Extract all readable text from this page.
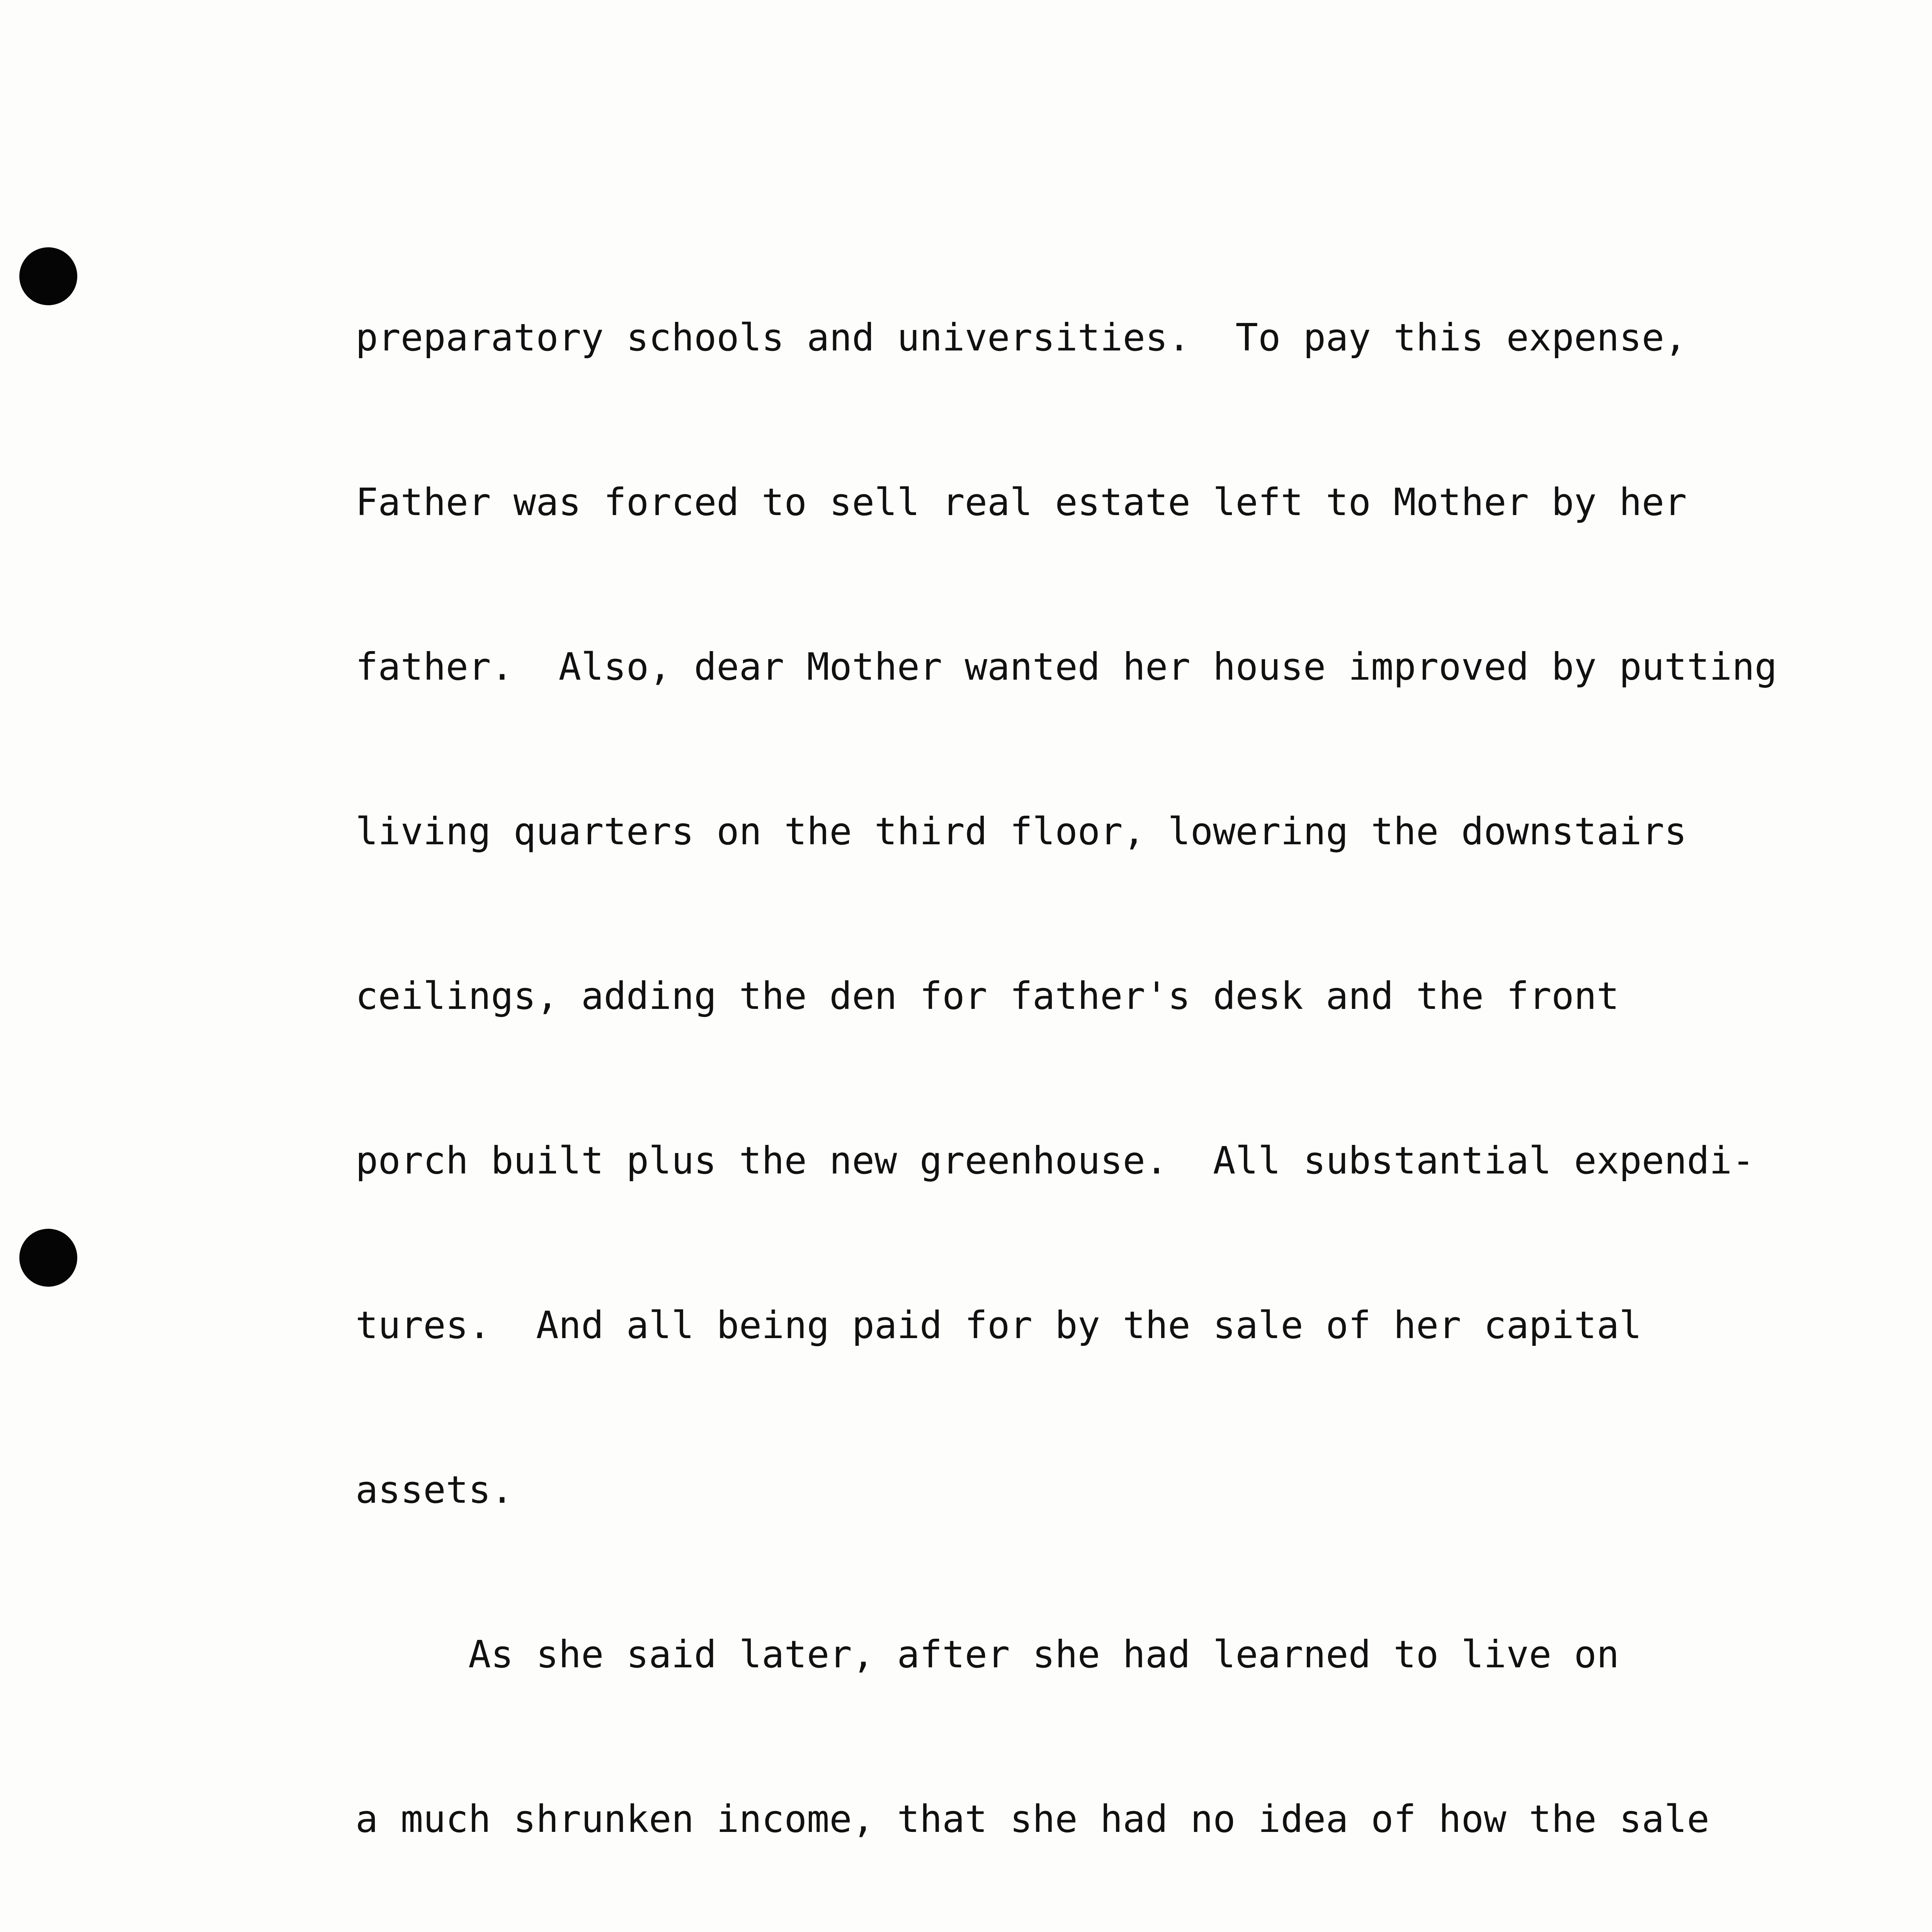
preparatory schools and universities.  To pay this expense,

Father was forced to sell real estate left to Mother by her

father.  Also, dear Mother wanted her house improved by putting

living quarters on the third floor, lowering the downstairs

ceilings, adding the den for father's desk and the front

porch built plus the new greenhouse.  All substantial expendi-

tures.  And all being paid for by the sale of her capital

assets.

As she said later, after she had learned to live on

a much shrunken income, that she had no idea of how the sale
